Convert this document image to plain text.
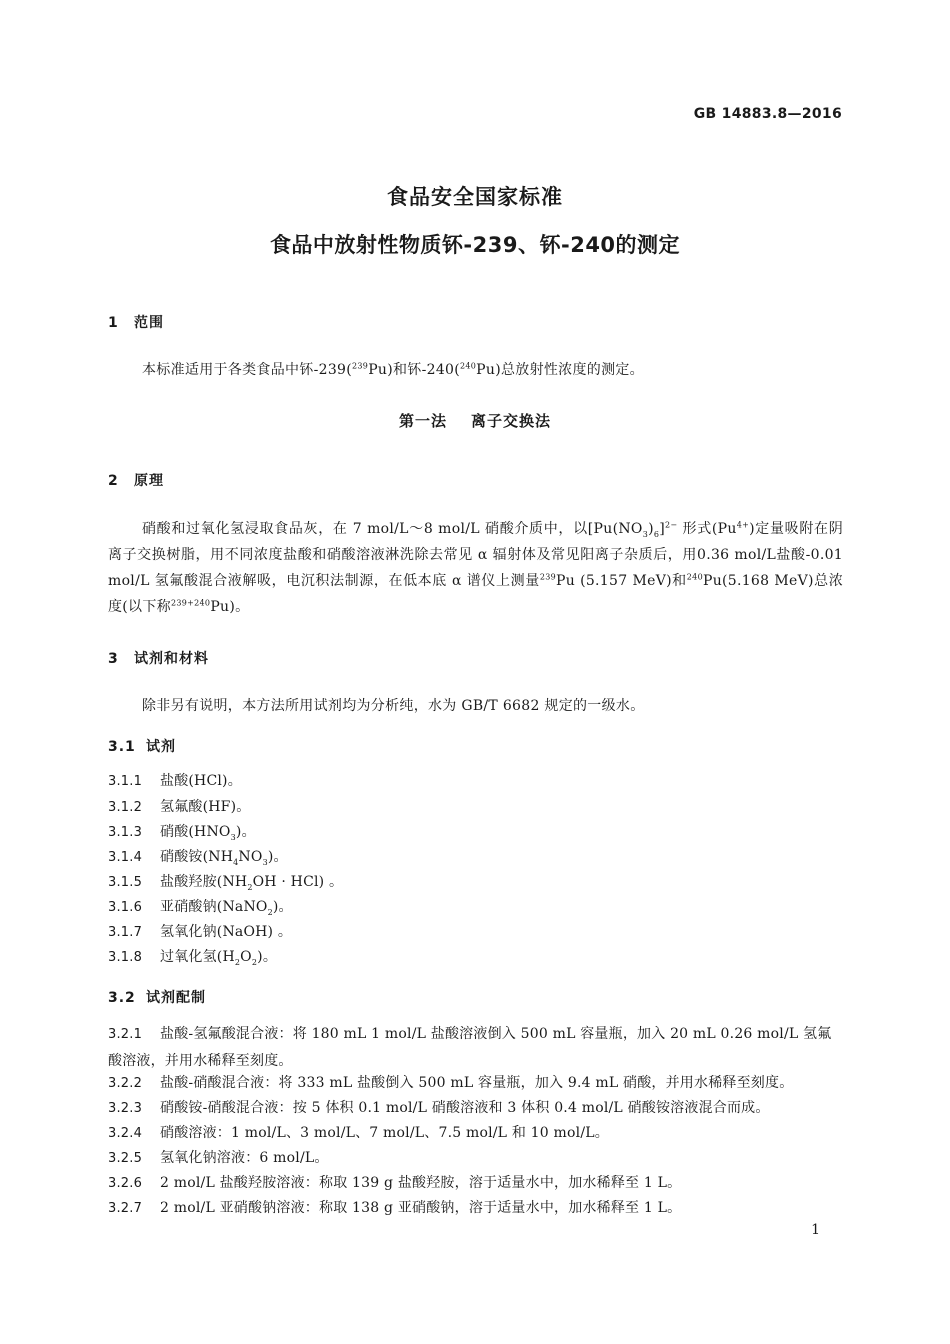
GB 14883.8—2016
食品安全国家标准
食品中放射性物质钚-239、钚-240的测定
1 范围
本标准适用于各类食品中钚-239($^{239}$Pu)和钚-240($^{240}$Pu)总放射性浓度的测定。
第一法 离子交换法
2 原理
硝酸和过氧化氢浸取食品灰，在 7 mol/L～8 mol/L 硝酸介质中，以$[Pu(NO_3)_6]^{2-}$ 形式$(Pu^{4+})$定量吸附在阴离子交换树脂，用不同浓度盐酸和硝酸溶液淋洗除去常见 α 辐射体及常见阳离子杂质后，用0.36 mol/L盐酸-0.01 mol/L 氢氟酸混合液解吸，电沉积法制源，在低本底 α 谱仪上测量$^{239}$Pu (5.157 MeV)和$^{240}$Pu(5.168 MeV)总浓度(以下称$^{239+240}$Pu)。
3 试剂和材料
除非另有说明，本方法所用试剂均为分析纯，水为 GB/T 6682 规定的一级水。
3.1 试剂
3.1.1 盐酸(HCl)。
3.1.2 氢氟酸(HF)。
3.1.3 硝酸$(HNO_3)$。
3.1.4 硝酸铵$(NH_4NO_3)$。
3.1.5 盐酸羟胺$(NH_2OH \cdot HCl)$ 。
3.1.6 亚硝酸钠(NaNO$_2$)。
3.1.7 氢氧化钠(NaOH) 。
3.1.8 过氧化氢$(H_2O_2)$。
3.2 试剂配制
3.2.1 盐酸-氢氟酸混合液：将 180 mL 1 mol/L 盐酸溶液倒入 500 mL 容量瓶，加入 20 mL 0.26 mol/L 氢氟酸溶液，并用水稀释至刻度。
3.2.2 盐酸-硝酸混合液：将 333 mL 盐酸倒入 500 mL 容量瓶，加入 9.4 mL 硝酸，并用水稀释至刻度。
3.2.3 硝酸铵-硝酸混合液：按 5 体积 0.1 mol/L 硝酸溶液和 3 体积 0.4 mol/L 硝酸铵溶液混合而成。
3.2.4 硝酸溶液：1 mol/L、3 mol/L、7 mol/L、7.5 mol/L 和 10 mol/L。
3.2.5 氢氧化钠溶液：6 mol/L。
3.2.6 2 mol/L 盐酸羟胺溶液：称取 139 g 盐酸羟胺，溶于适量水中，加水稀释至 1 L。
3.2.7 2 mol/L 亚硝酸钠溶液：称取 138 g 亚硝酸钠，溶于适量水中，加水稀释至 1 L。
1
